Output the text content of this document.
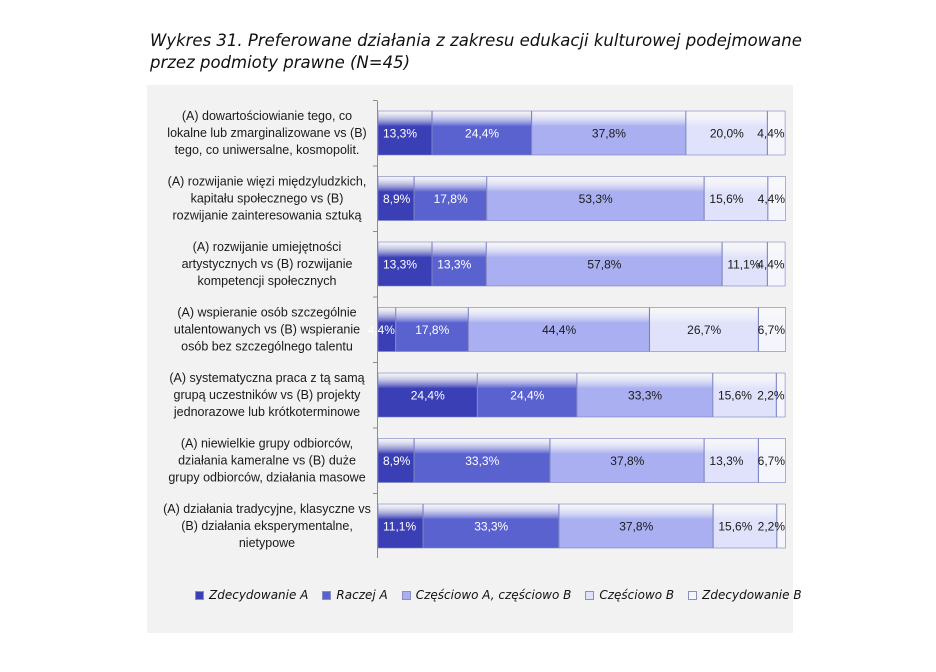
Wykres 31. Preferowane działania z zakresu edukacji kulturowej podejmowane
przez podmioty prawne (N=45)
(A) dowartościowianie tego, co
lokalne lub zmarginalizowane vs (B)
tego, co uniwersalne, kosmopolit.
(A) rozwijanie więzi międzyludzkich,
kapitału społecznego vs (B)
rozwijanie zainteresowania sztuką
(A) rozwijanie umiejętności
artystycznych vs (B) rozwijanie
kompetencji społecznych
(A) wspieranie osób szczególnie
utalentowanych vs (B) wspieranie
osób bez szczególnego talentu
(A) systematyczna praca z tą samą
grupą uczestników vs (B) projekty
jednorazowe lub krótkoterminowe
(A) niewielkie grupy odbiorców,
działania kameralne vs (B) duże
grupy odbiorców, działania masowe
(A) działania tradycyjne, klasyczne vs
(B) działania eksperymentalne,
nietypowe
13,3%	24,4%	37,8%	20,0% 4,4%
8,9% 17,8%	53,3%	15,6% 4,4%
13,3% 13,3%	57,8%	11,1%
4,4%
4,4% 17,8%	44,4%	26,7%	6,7%
24,4%	24,4%	33,3%	15,6% 2,2%
8,9%	33,3%	37,8%	13,3% 6,7%
11,1%	33,3%	37,8%	15,6% 2,2%
Zdecydowanie A Raczej A Częściowo A, częściowo B Częściowo B Zdecydowanie B
